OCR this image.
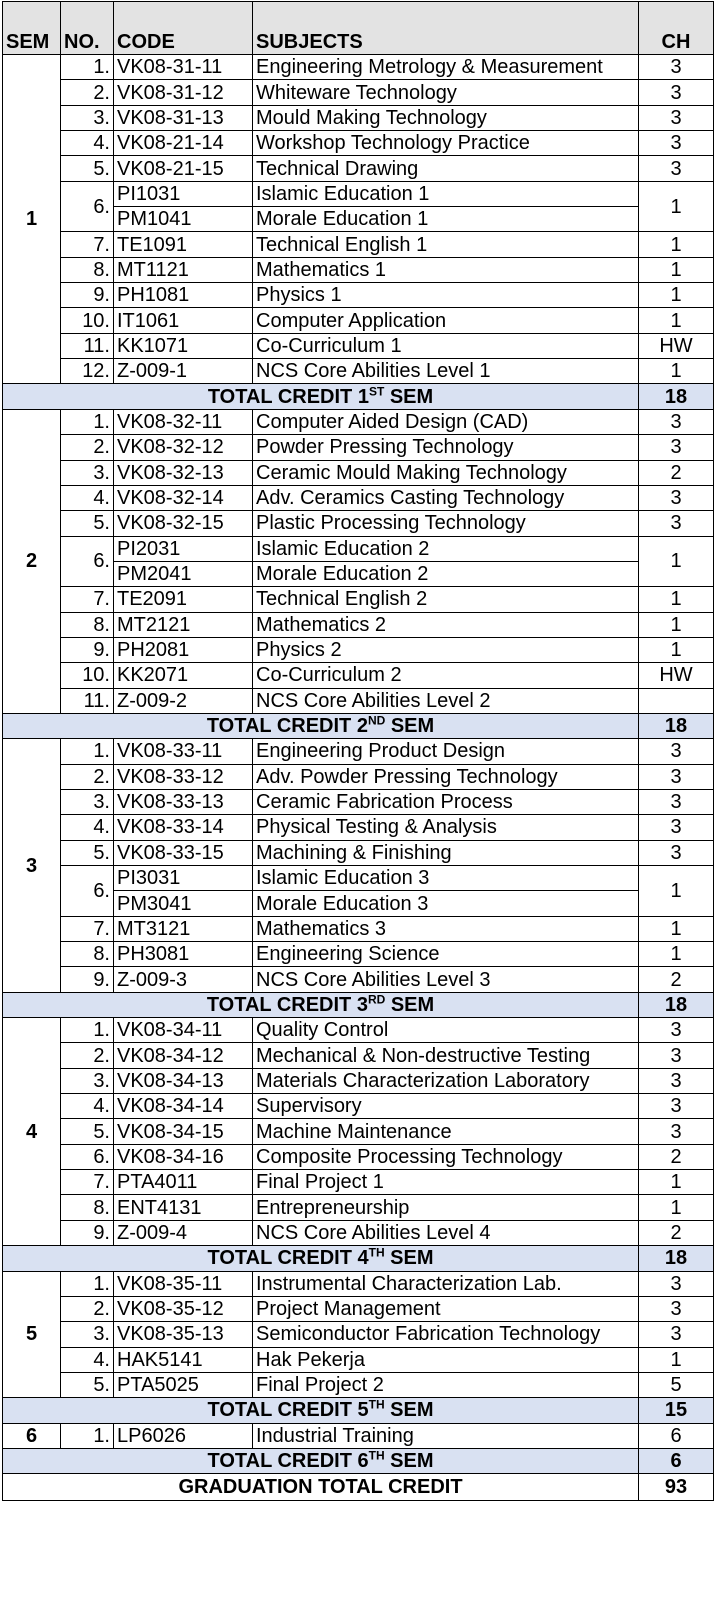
SEM	NO.	CODE	SUBJECTS	CH
1	1.	VK08-31-11	Engineering Metrology & Measurement	3
	2.	VK08-31-12	Whiteware Technology	3
	3.	VK08-31-13	Mould Making Technology	3
	4.	VK08-21-14	Workshop Technology Practice	3
	5.	VK08-21-15	Technical Drawing	3
	6.	PI1031	Islamic Education 1	1
		PM1041	Morale Education 1	
	7.	TE1091	Technical English 1	1
	8.	MT1121	Mathematics 1	1
	9.	PH1081	Physics 1	1
	10.	IT1061	Computer Application	1
	11.	KK1071	Co-Curriculum 1	HW
	12.	Z-009-1	NCS Core Abilities Level 1	1
TOTAL CREDIT 1ST SEM				18
2	1.	VK08-32-11	Computer Aided Design (CAD)	3
	2.	VK08-32-12	Powder Pressing Technology	3
	3.	VK08-32-13	Ceramic Mould Making Technology	2
	4.	VK08-32-14	Adv. Ceramics Casting Technology	3
	5.	VK08-32-15	Plastic Processing Technology	3
	6.	PI2031	Islamic Education 2	1
		PM2041	Morale Education 2	
	7.	TE2091	Technical English 2	1
	8.	MT2121	Mathematics 2	1
	9.	PH2081	Physics 2	1
	10.	KK2071	Co-Curriculum 2	HW
	11.	Z-009-2	NCS Core Abilities Level 2	
TOTAL CREDIT 2ND SEM				18
3	1.	VK08-33-11	Engineering Product Design	3
	2.	VK08-33-12	Adv. Powder Pressing Technology	3
	3.	VK08-33-13	Ceramic Fabrication Process	3
	4.	VK08-33-14	Physical Testing & Analysis	3
	5.	VK08-33-15	Machining & Finishing	3
	6.	PI3031	Islamic Education 3	1
		PM3041	Morale Education 3	
	7.	MT3121	Mathematics 3	1
	8.	PH3081	Engineering Science	1
	9.	Z-009-3	NCS Core Abilities Level 3	2
TOTAL CREDIT 3RD SEM				18
4	1.	VK08-34-11	Quality Control	3
	2.	VK08-34-12	Mechanical & Non-destructive Testing	3
	3.	VK08-34-13	Materials Characterization Laboratory	3
	4.	VK08-34-14	Supervisory	3
	5.	VK08-34-15	Machine Maintenance	3
	6.	VK08-34-16	Composite Processing Technology	2
	7.	PTA4011	Final Project 1	1
	8.	ENT4131	Entrepreneurship	1
	9.	Z-009-4	NCS Core Abilities Level 4	2
TOTAL CREDIT 4TH SEM				18
5	1.	VK08-35-11	Instrumental Characterization Lab.	3
	2.	VK08-35-12	Project Management	3
	3.	VK08-35-13	Semiconductor Fabrication Technology	3
	4.	HAK5141	Hak Pekerja	1
	5.	PTA5025	Final Project 2	5
TOTAL CREDIT 5TH SEM				15
6	1.	LP6026	Industrial Training	6
TOTAL CREDIT 6TH SEM				6
GRADUATION TOTAL CREDIT				93
